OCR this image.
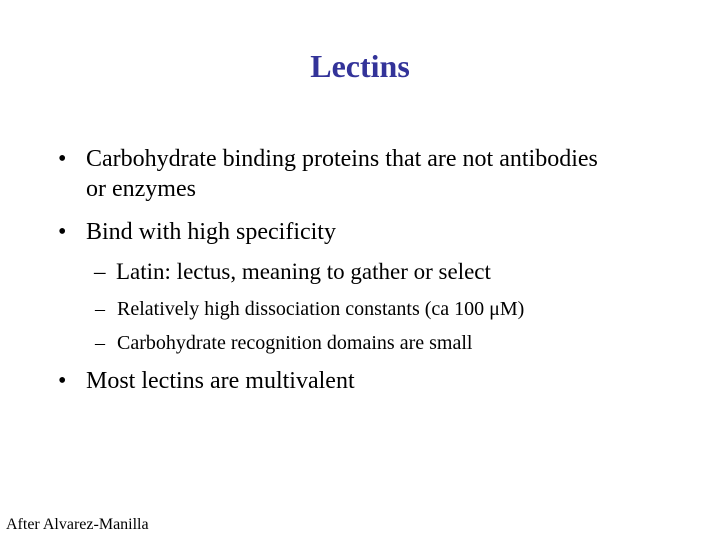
Lectins
• Carbohydrate binding proteins that are not antibodies
or enzymes
• Bind with high specificity
– Latin: lectus, meaning to gather or select
– Relatively high dissociation constants (ca 100 μM)
– Carbohydrate recognition domains are small
• Most lectins are multivalent
After Alvarez-Manilla
